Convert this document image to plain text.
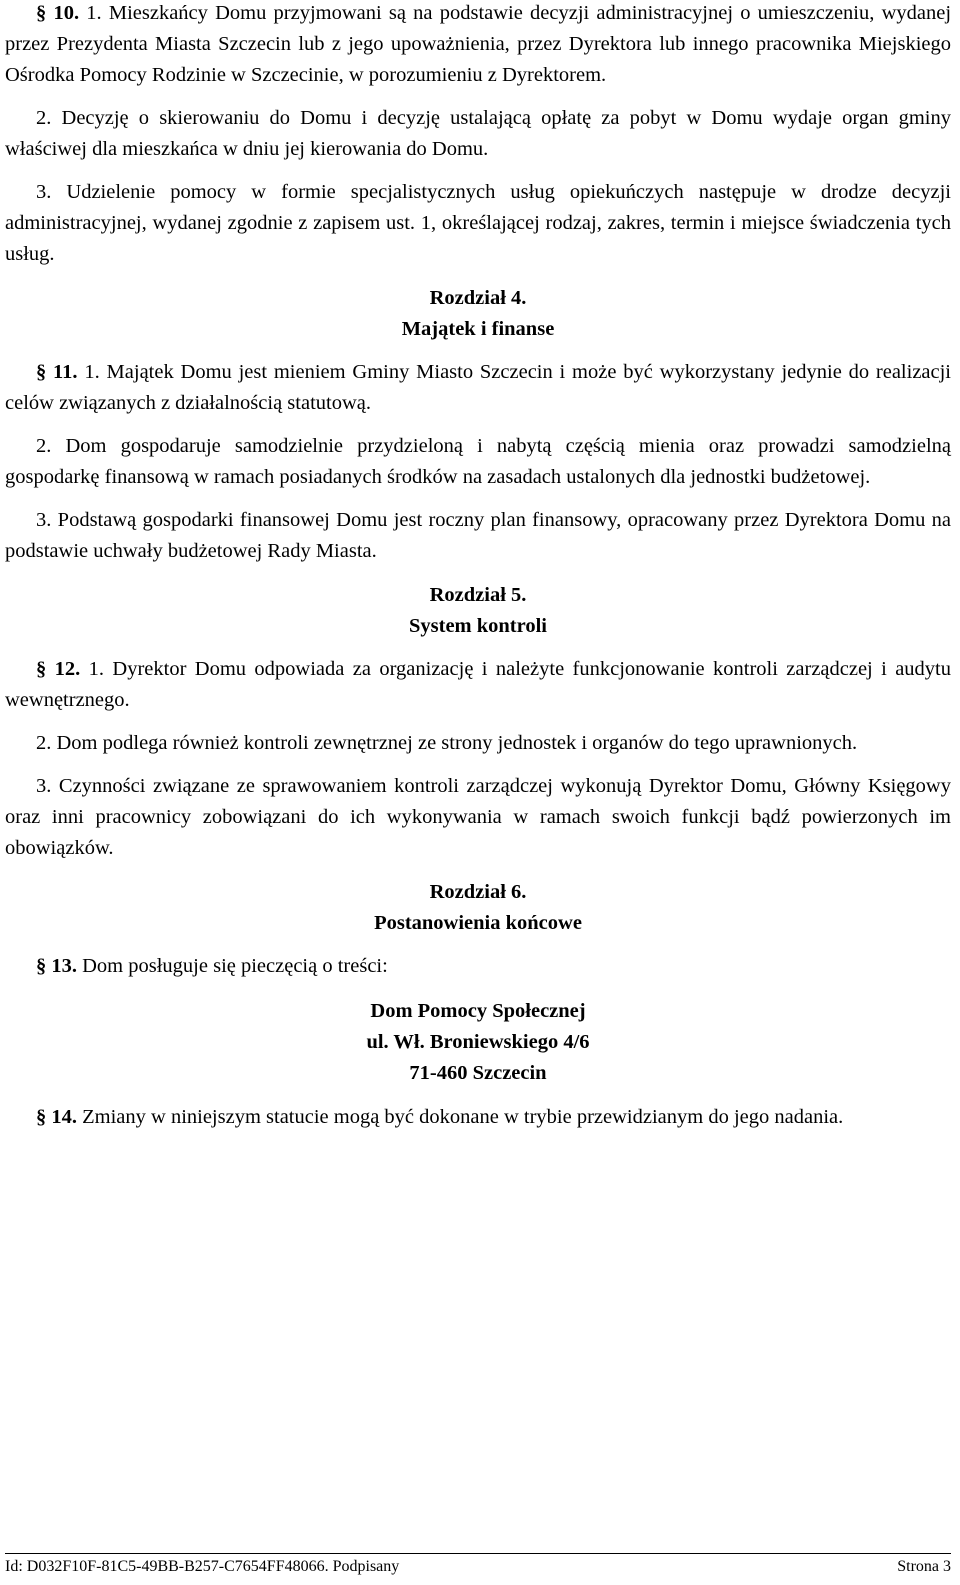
§ 10. 1. Mieszkańcy Domu przyjmowani są na podstawie decyzji administracyjnej o umieszczeniu, wydanej przez Prezydenta Miasta Szczecin lub z jego upoważnienia, przez Dyrektora lub innego pracownika Miejskiego Ośrodka Pomocy Rodzinie w Szczecinie, w porozumieniu z Dyrektorem.

2. Decyzję o skierowaniu do Domu i decyzję ustalającą opłatę za pobyt w Domu wydaje organ gminy właściwej dla mieszkańca w dniu jej kierowania do Domu.

3. Udzielenie pomocy w formie specjalistycznych usług opiekuńczych następuje w drodze decyzji administracyjnej, wydanej zgodnie z zapisem ust. 1, określającej rodzaj, zakres, termin i miejsce świadczenia tych usług.

Rozdział 4.

Majątek i finanse

§ 11. 1. Majątek Domu jest mieniem Gminy Miasto Szczecin i może być wykorzystany jedynie do realizacji celów związanych z działalnością statutową.

2. Dom gospodaruje samodzielnie przydzieloną i nabytą częścią mienia oraz prowadzi samodzielną gospodarkę finansową w ramach posiadanych środków na zasadach ustalonych dla jednostki budżetowej.

3. Podstawą gospodarki finansowej Domu jest roczny plan finansowy, opracowany przez Dyrektora Domu na podstawie uchwały budżetowej Rady Miasta.

Rozdział 5.

System kontroli

§ 12. 1. Dyrektor Domu odpowiada za organizację i należyte funkcjonowanie kontroli zarządczej i audytu wewnętrznego.

2. Dom podlega również kontroli zewnętrznej ze strony jednostek i organów do tego uprawnionych.

3. Czynności związane ze sprawowaniem kontroli zarządczej wykonują Dyrektor Domu, Główny Księgowy oraz inni pracownicy zobowiązani do ich wykonywania w ramach swoich funkcji bądź powierzonych im obowiązków.

Rozdział 6.

Postanowienia końcowe

§ 13. Dom posługuje się pieczęcią o treści:

Dom Pomocy Społecznej
ul. Wł. Broniewskiego 4/6
71-460 Szczecin

§ 14. Zmiany w niniejszym statucie mogą być dokonane w trybie przewidzianym do jego nadania.

Id: D032F10F-81C5-49BB-B257-C7654FF48066. Podpisany	Strona 3
